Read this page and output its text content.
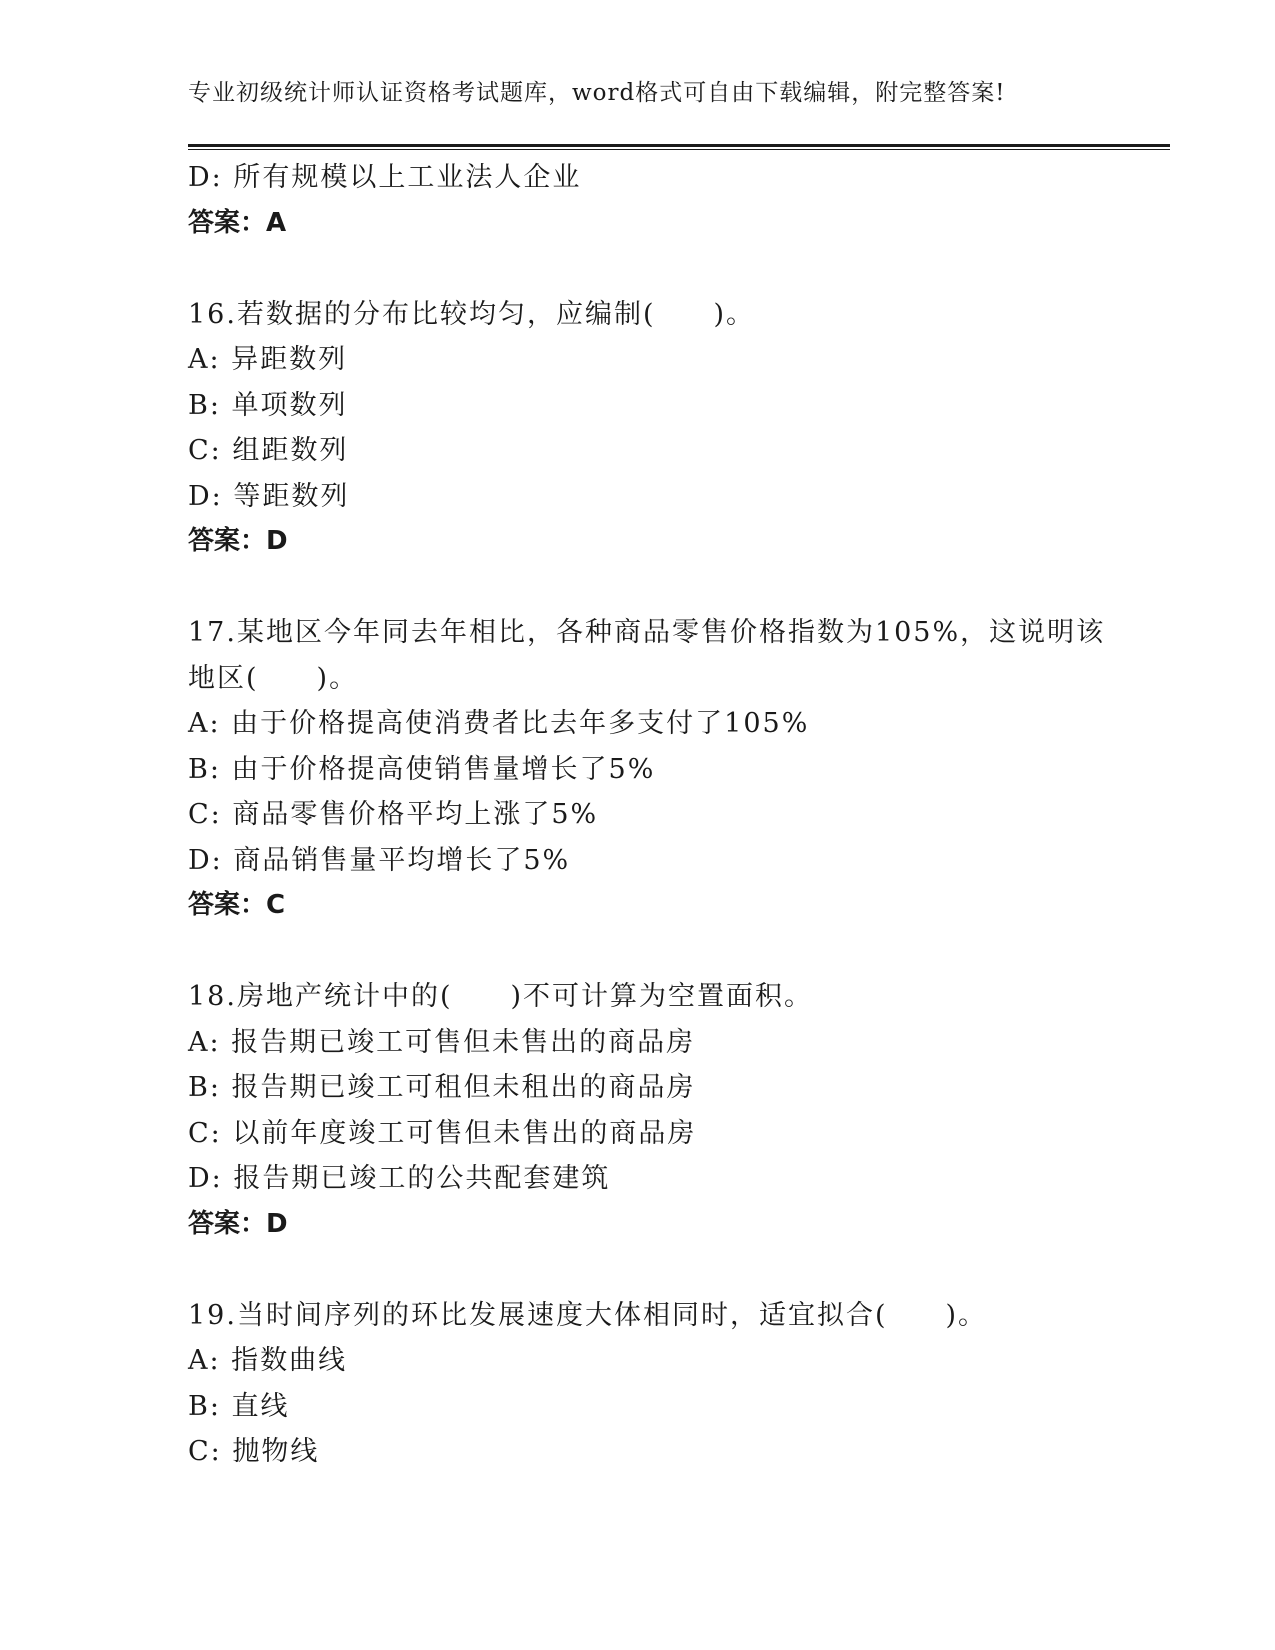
专业初级统计师认证资格考试题库，word格式可自由下载编辑，附完整答案!
D: 所有规模以上工业法人企业
答案：A
16.若数据的分布比较均匀，应编制(　　)。
A: 异距数列
B: 单项数列
C: 组距数列
D: 等距数列
答案：D
17.某地区今年同去年相比，各种商品零售价格指数为105%，这说明该
地区(　　)。
A: 由于价格提高使消费者比去年多支付了105%
B: 由于价格提高使销售量增长了5%
C: 商品零售价格平均上涨了5%
D: 商品销售量平均增长了5%
答案：C
18.房地产统计中的(　　)不可计算为空置面积。
A: 报告期已竣工可售但未售出的商品房
B: 报告期已竣工可租但未租出的商品房
C: 以前年度竣工可售但未售出的商品房
D: 报告期已竣工的公共配套建筑
答案：D
19.当时间序列的环比发展速度大体相同时，适宜拟合(　　)。
A: 指数曲线
B: 直线
C: 抛物线
